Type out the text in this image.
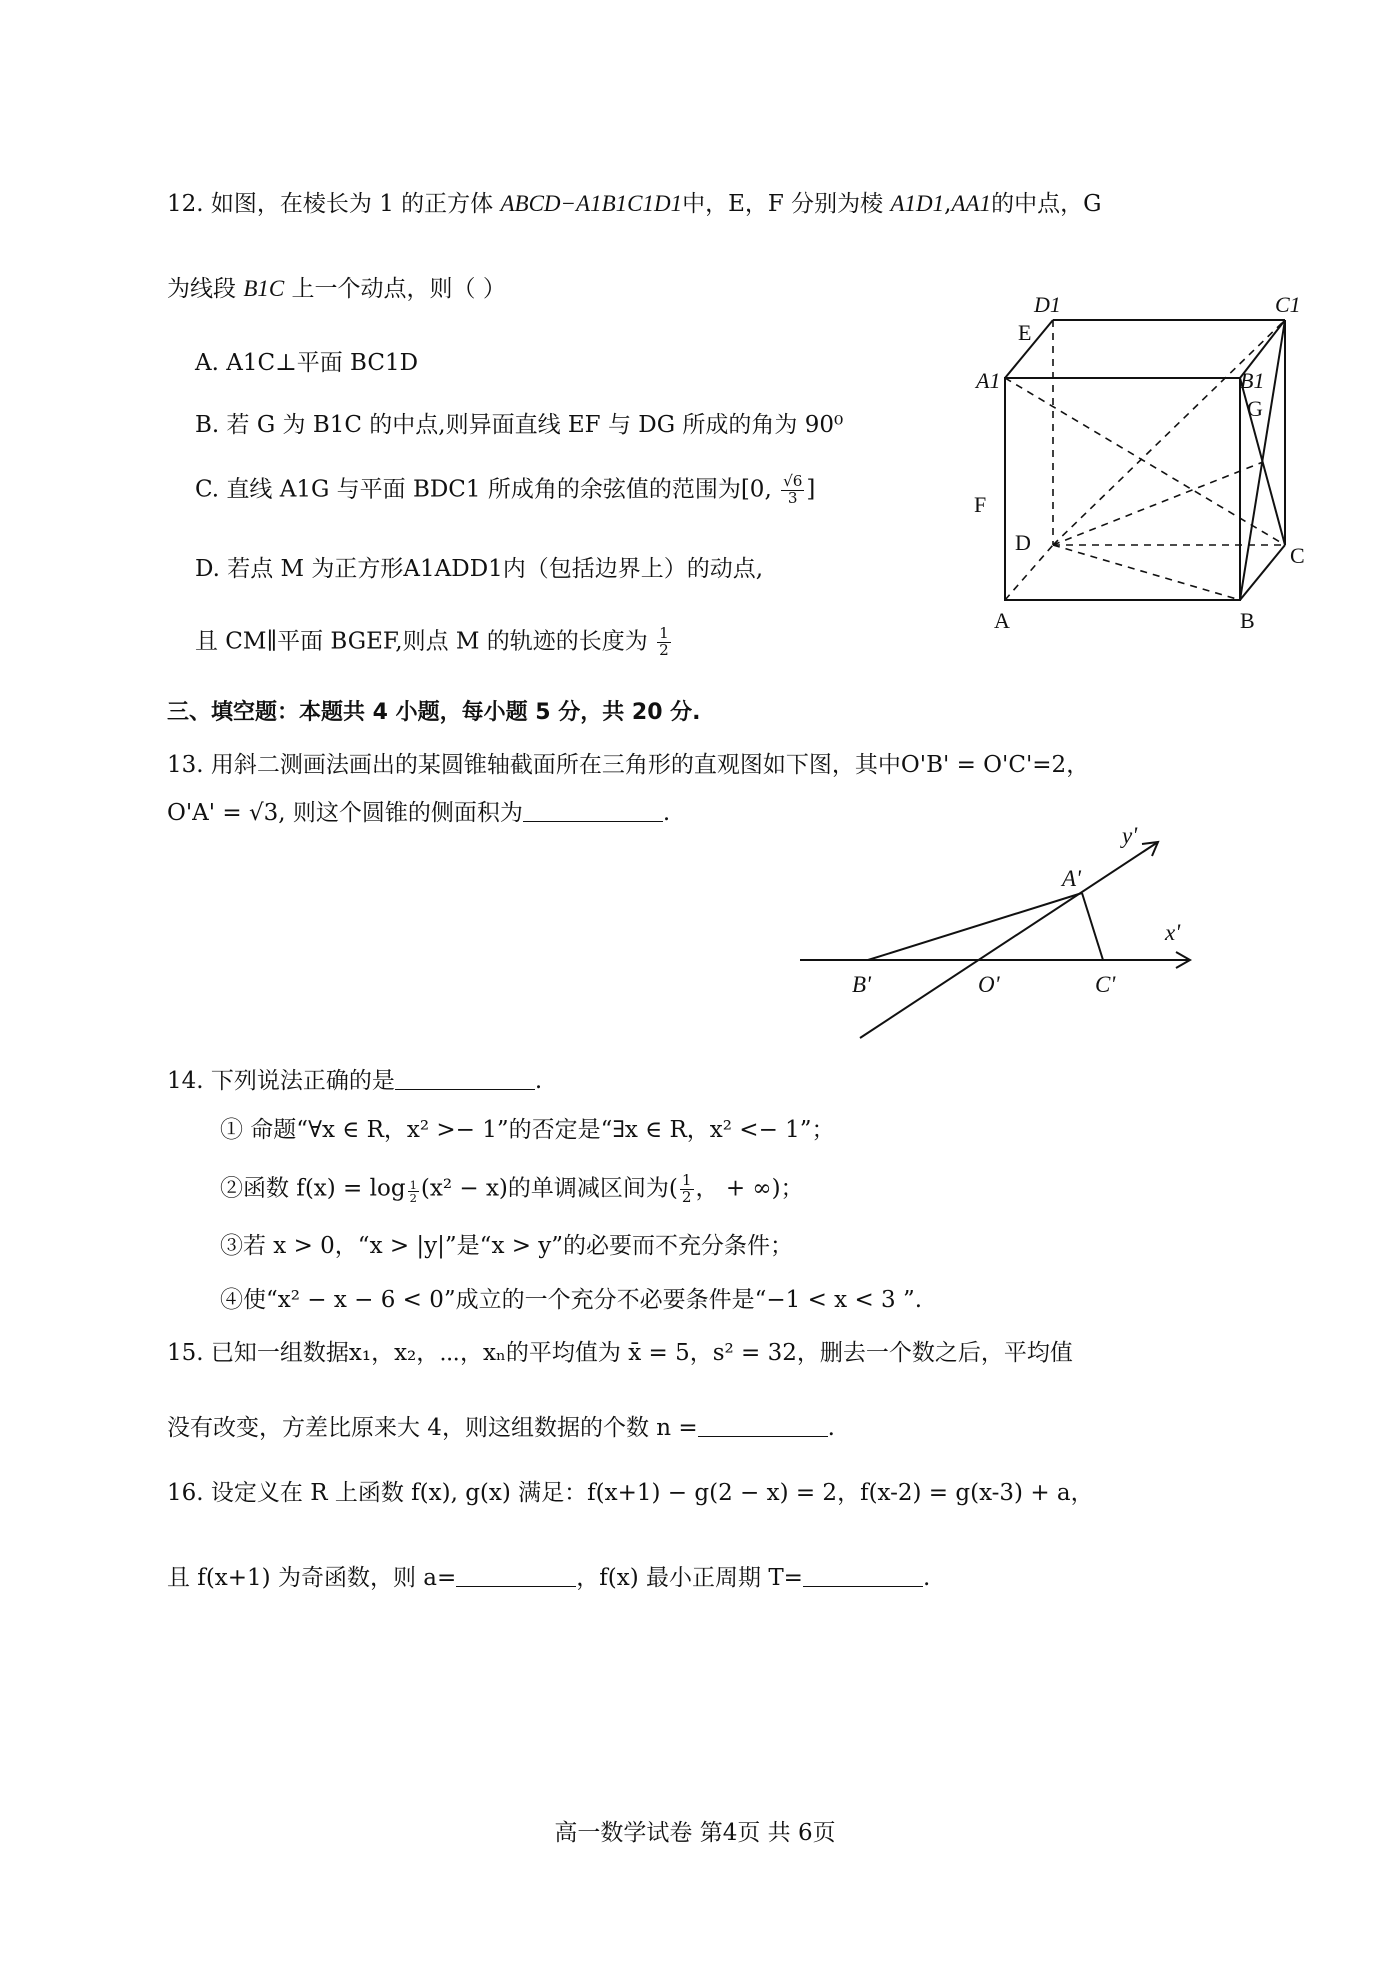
12. 如图，在棱长为 1 的正方体 ABCD−A1B1C1D1中，E，F 分别为棱 A1D1,AA1的中点，G
为线段 B1C 上一个动点，则（ ）
A. A1C⊥平面 BC1D
B. 若 G 为 B1C 的中点,则异面直线 EF 与 DG 所成的角为 90⁰
C. 直线 A1G 与平面 BDC1 所成角的余弦值的范围为[0, $\frac{√6}{3}$ ]
D. 若点 M 为正方形A1ADD1内（包括边界上）的动点,
且 CM∥平面 BGEF,则点 M 的轨迹的长度为 $\frac{1}{2}$
D1	C1
E
A1	B1
G
F
D
C
A	B
三、填空题：本题共 4 小题，每小题 5 分，共 20 分.
13. 用斜二测画法画出的某圆锥轴截面所在三角形的直观图如下图，其中O'B' = O'C'=2，
O'A' = √3, 则这个圆锥的侧面积为	.
y'
A'
x'
B'	O'	C'
14. 下列说法正确的是	.
① 命题“∀x ∈ R，x² >− 1”的否定是“∃x ∈ R，x² <− 1”；
②函数 $f(x) = \log \frac{1}{2} (x^2 - x)$的单调减区间为( $\frac{1}{2}$ ， + ∞)；
③若 x > 0，“x > |y|”是“x > y”的必要而不充分条件；
④使“x² − x − 6 < 0”成立的一个充分不必要条件是“−1 < x < 3 ”.
15. 已知一组数据x₁，x₂，⋯，xₙ的平均值为 x̄ = 5，s² = 32，删去一个数之后，平均值
没有改变，方差比原来大 4，则这组数据的个数 n =	.
16. 设定义在 R 上函数 f(x), g(x) 满足：f(x+1) − g(2 − x) = 2，f(x-2) = g(x-3) + a，
且 f(x+1) 为奇函数，则 a=	，f(x) 最小正周期 T=	.
高一数学试卷 第4页 共 6页
